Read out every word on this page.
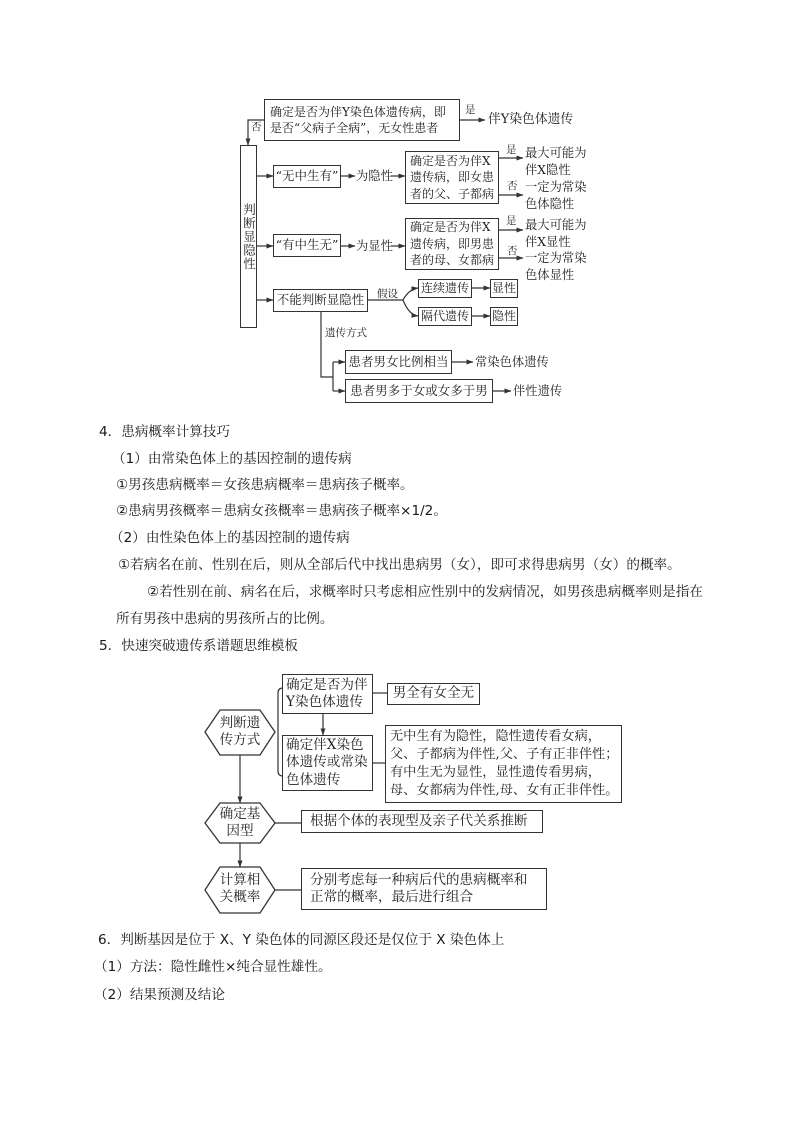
确定是否为伴Y染色体遗传病，即
是否“父病子全病”，无女性患者
是
伴Y染色体遗传
否
判断显隐性
“无中生有” 为隐性
确定是否为伴X
遗传病，即女患
者的父、子都病
是 最大可能为
伴X隐性
否 一定为常染
色体隐性
“有中生无” 为显性
确定是否为伴X
遗传病，即男患
者的母、女都病
是 最大可能为
伴X显性
否 一定为常染
色体显性
不能判断显隐性 假设 连续遗传 显性
隔代遗传 隐性
遗传方式
患者男女比例相当 常染色体遗传
患者男多于女或女多于男 伴性遗传
4．患病概率计算技巧
（1）由常染色体上的基因控制的遗传病
①男孩患病概率＝女孩患病概率＝患病孩子概率。
②患病男孩概率＝患病女孩概率＝患病孩子概率×1/2。
（2）由性染色体上的基因控制的遗传病
①若病名在前、性别在后，则从全部后代中找出患病男（女），即可求得患病男（女）的概率。
②若性别在前、病名在后，求概率时只考虑相应性别中的发病情况，如男孩患病概率则是指在
所有男孩中患病的男孩所占的比例。
5．快速突破遗传系谱题思维模板
判断遗
传方式
确定是否为伴
Y染色体遗传
男全有女全无
确定伴X染色
体遗传或常染
色体遗传
无中生有为隐性，隐性遗传看女病，
父、子都病为伴性,父、子有正非伴性；
有中生无为显性，显性遗传看男病，
母、女都病为伴性,母、女有正非伴性。
确定基
因型
根据个体的表现型及亲子代关系推断
计算相
关概率
分别考虑每一种病后代的患病概率和
正常的概率，最后进行组合
6．判断基因是位于 X、Y 染色体的同源区段还是仅位于 X 染色体上
（1）方法：隐性雌性×纯合显性雄性。
（2）结果预测及结论
